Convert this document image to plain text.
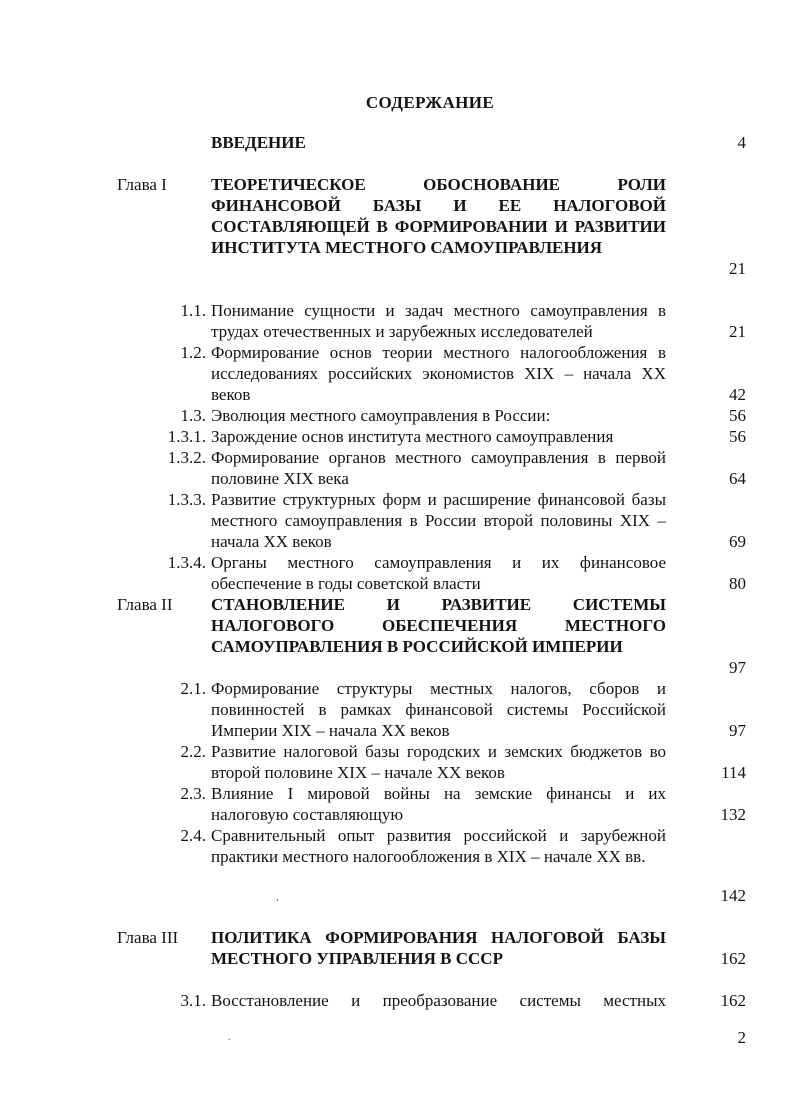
СОДЕРЖАНИЕ
ВВЕДЕНИЕ	4
Глава I	ТЕОРЕТИЧЕСКОЕ ОБОСНОВАНИЕ РОЛИ ФИНАНСОВОЙ БАЗЫ И ЕЕ НАЛОГОВОЙ СОСТАВЛЯЮЩЕЙ В ФОРМИРОВАНИИ И РАЗВИТИИ ИНСТИТУТА МЕСТНОГО САМОУПРАВЛЕНИЯ
21
1.1. Понимание сущности и задач местного самоуправления в трудах отечественных и зарубежных исследователей	21
1.2. Формирование основ теории местного налогообложения в исследованиях российских экономистов XIX – начала XX веков	42
1.3. Эволюция местного самоуправления в России:	56
1.3.1. Зарождение основ института местного самоуправления	56
1.3.2. Формирование органов местного самоуправления в первой половине XIX века	64
1.3.3. Развитие структурных форм и расширение финансовой базы местного самоуправления в России второй половины XIX – начала XX веков	69
1.3.4. Органы местного самоуправления и их финансовое обеспечение в годы советской власти	80
Глава II СТАНОВЛЕНИЕ И РАЗВИТИЕ СИСТЕМЫ НАЛОГОВОГО ОБЕСПЕЧЕНИЯ МЕСТНОГО САМОУПРАВЛЕНИЯ В РОССИЙСКОЙ ИМПЕРИИ
97
2.1. Формирование структуры местных налогов, сборов и повинностей в рамках финансовой системы Российской Империи XIX – начала XX веков	97
2.2. Развитие налоговой базы городских и земских бюджетов во второй половине XIX – начале XX веков	114
2.3. Влияние I мировой войны на земские финансы и их налоговую составляющую	132
2.4. Сравнительный опыт развития российской и зарубежной практики местного налогообложения в XIX – начале XX вв.
142
,
Глава III ПОЛИТИКА ФОРМИРОВАНИЯ НАЛОГОВОЙ БАЗЫ МЕСТНОГО УПРАВЛЕНИЯ В СССР	162
3.1. Восстановление и преобразование системы местных	162
.	2
